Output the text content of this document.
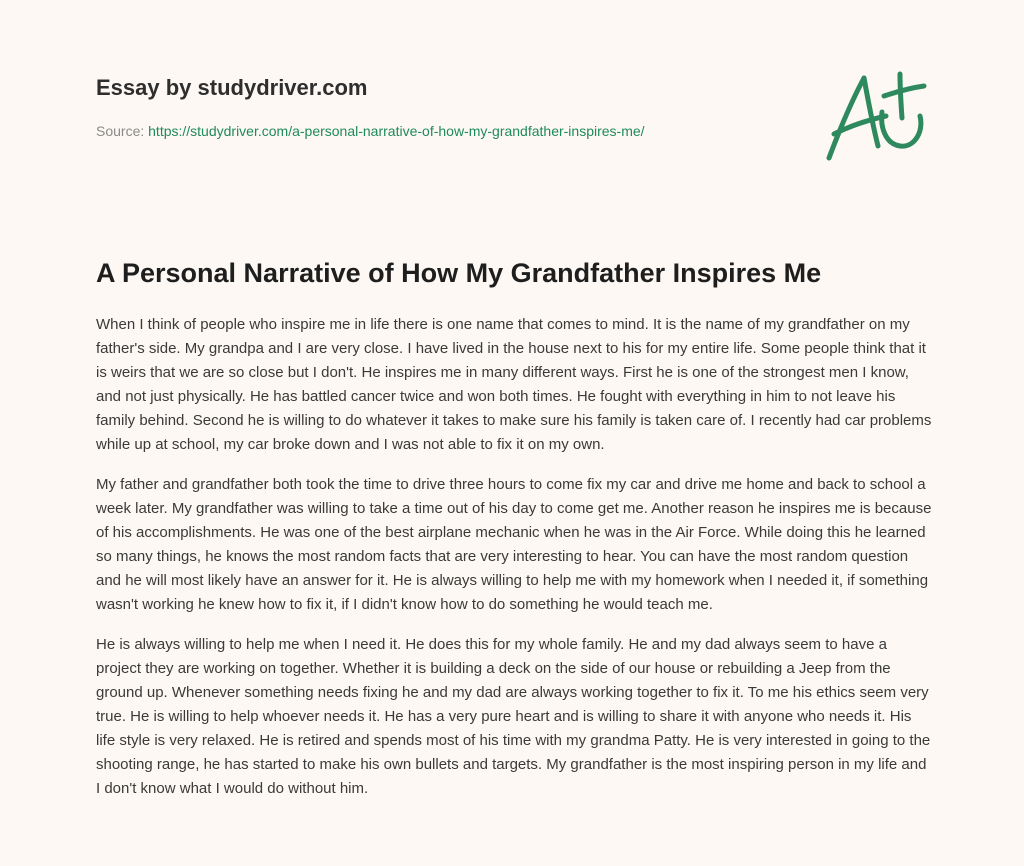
Essay by studydriver.com
Source: https://studydriver.com/a-personal-narrative-of-how-my-grandfather-inspires-me/
A Personal Narrative of How My Grandfather Inspires Me

When I think of people who inspire me in life there is one name that comes to mind. It is the name of my grandfather on my father's side. My grandpa and I are very close. I have lived in the house next to his for my entire life. Some people think that it is weirs that we are so close but I don't. He inspires me in many different ways. First he is one of the strongest men I know, and not just physically. He has battled cancer twice and won both times. He fought with everything in him to not leave his family behind. Second he is willing to do whatever it takes to make sure his family is taken care of. I recently had car problems while up at school, my car broke down and I was not able to fix it on my own.

My father and grandfather both took the time to drive three hours to come fix my car and drive me home and back to school a week later. My grandfather was willing to take a time out of his day to come get me. Another reason he inspires me is because of his accomplishments. He was one of the best airplane mechanic when he was in the Air Force. While doing this he learned so many things, he knows the most random facts that are very interesting to hear. You can have the most random question and he will most likely have an answer for it. He is always willing to help me with my homework when I needed it, if something wasn't working he knew how to fix it, if I didn't know how to do something he would teach me.

He is always willing to help me when I need it. He does this for my whole family. He and my dad always seem to have a project they are working on together. Whether it is building a deck on the side of our house or rebuilding a Jeep from the ground up. Whenever something needs fixing he and my dad are always working together to fix it. To me his ethics seem very true. He is willing to help whoever needs it. He has a very pure heart and is willing to share it with anyone who needs it. His life style is very relaxed. He is retired and spends most of his time with my grandma Patty. He is very interested in going to the shooting range, he has started to make his own bullets and targets. My grandfather is the most inspiring person in my life and I don't know what I would do without him.
